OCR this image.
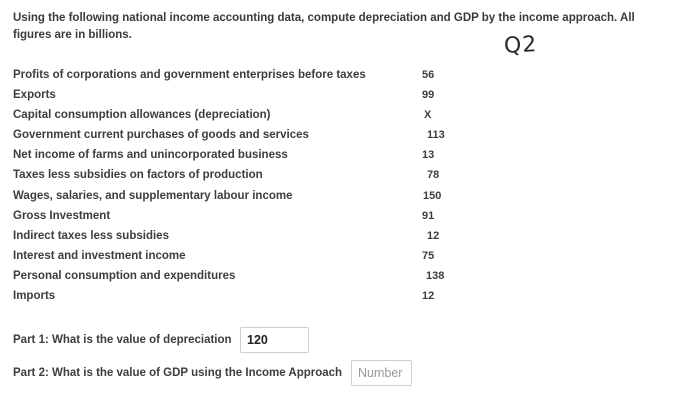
Using the following national income accounting data, compute depreciation and GDP by the income approach. All figures are in billions.	Q2
Profits of corporations and government enterprises before taxes	56
Exports	99
Capital consumption allowances (depreciation)	X
Government current purchases of goods and services	113
Net income of farms and unincorporated business	13
Taxes less subsidies on factors of production	78
Wages, salaries, and supplementary labour income	150
Gross Investment	91
Indirect taxes less subsidies	12
Interest and investment income	75
Personal consumption and expenditures	138
Imports	12
Part 1: What is the value of depreciation
120
Part 2: What is the value of GDP using the Income Approach
Number
